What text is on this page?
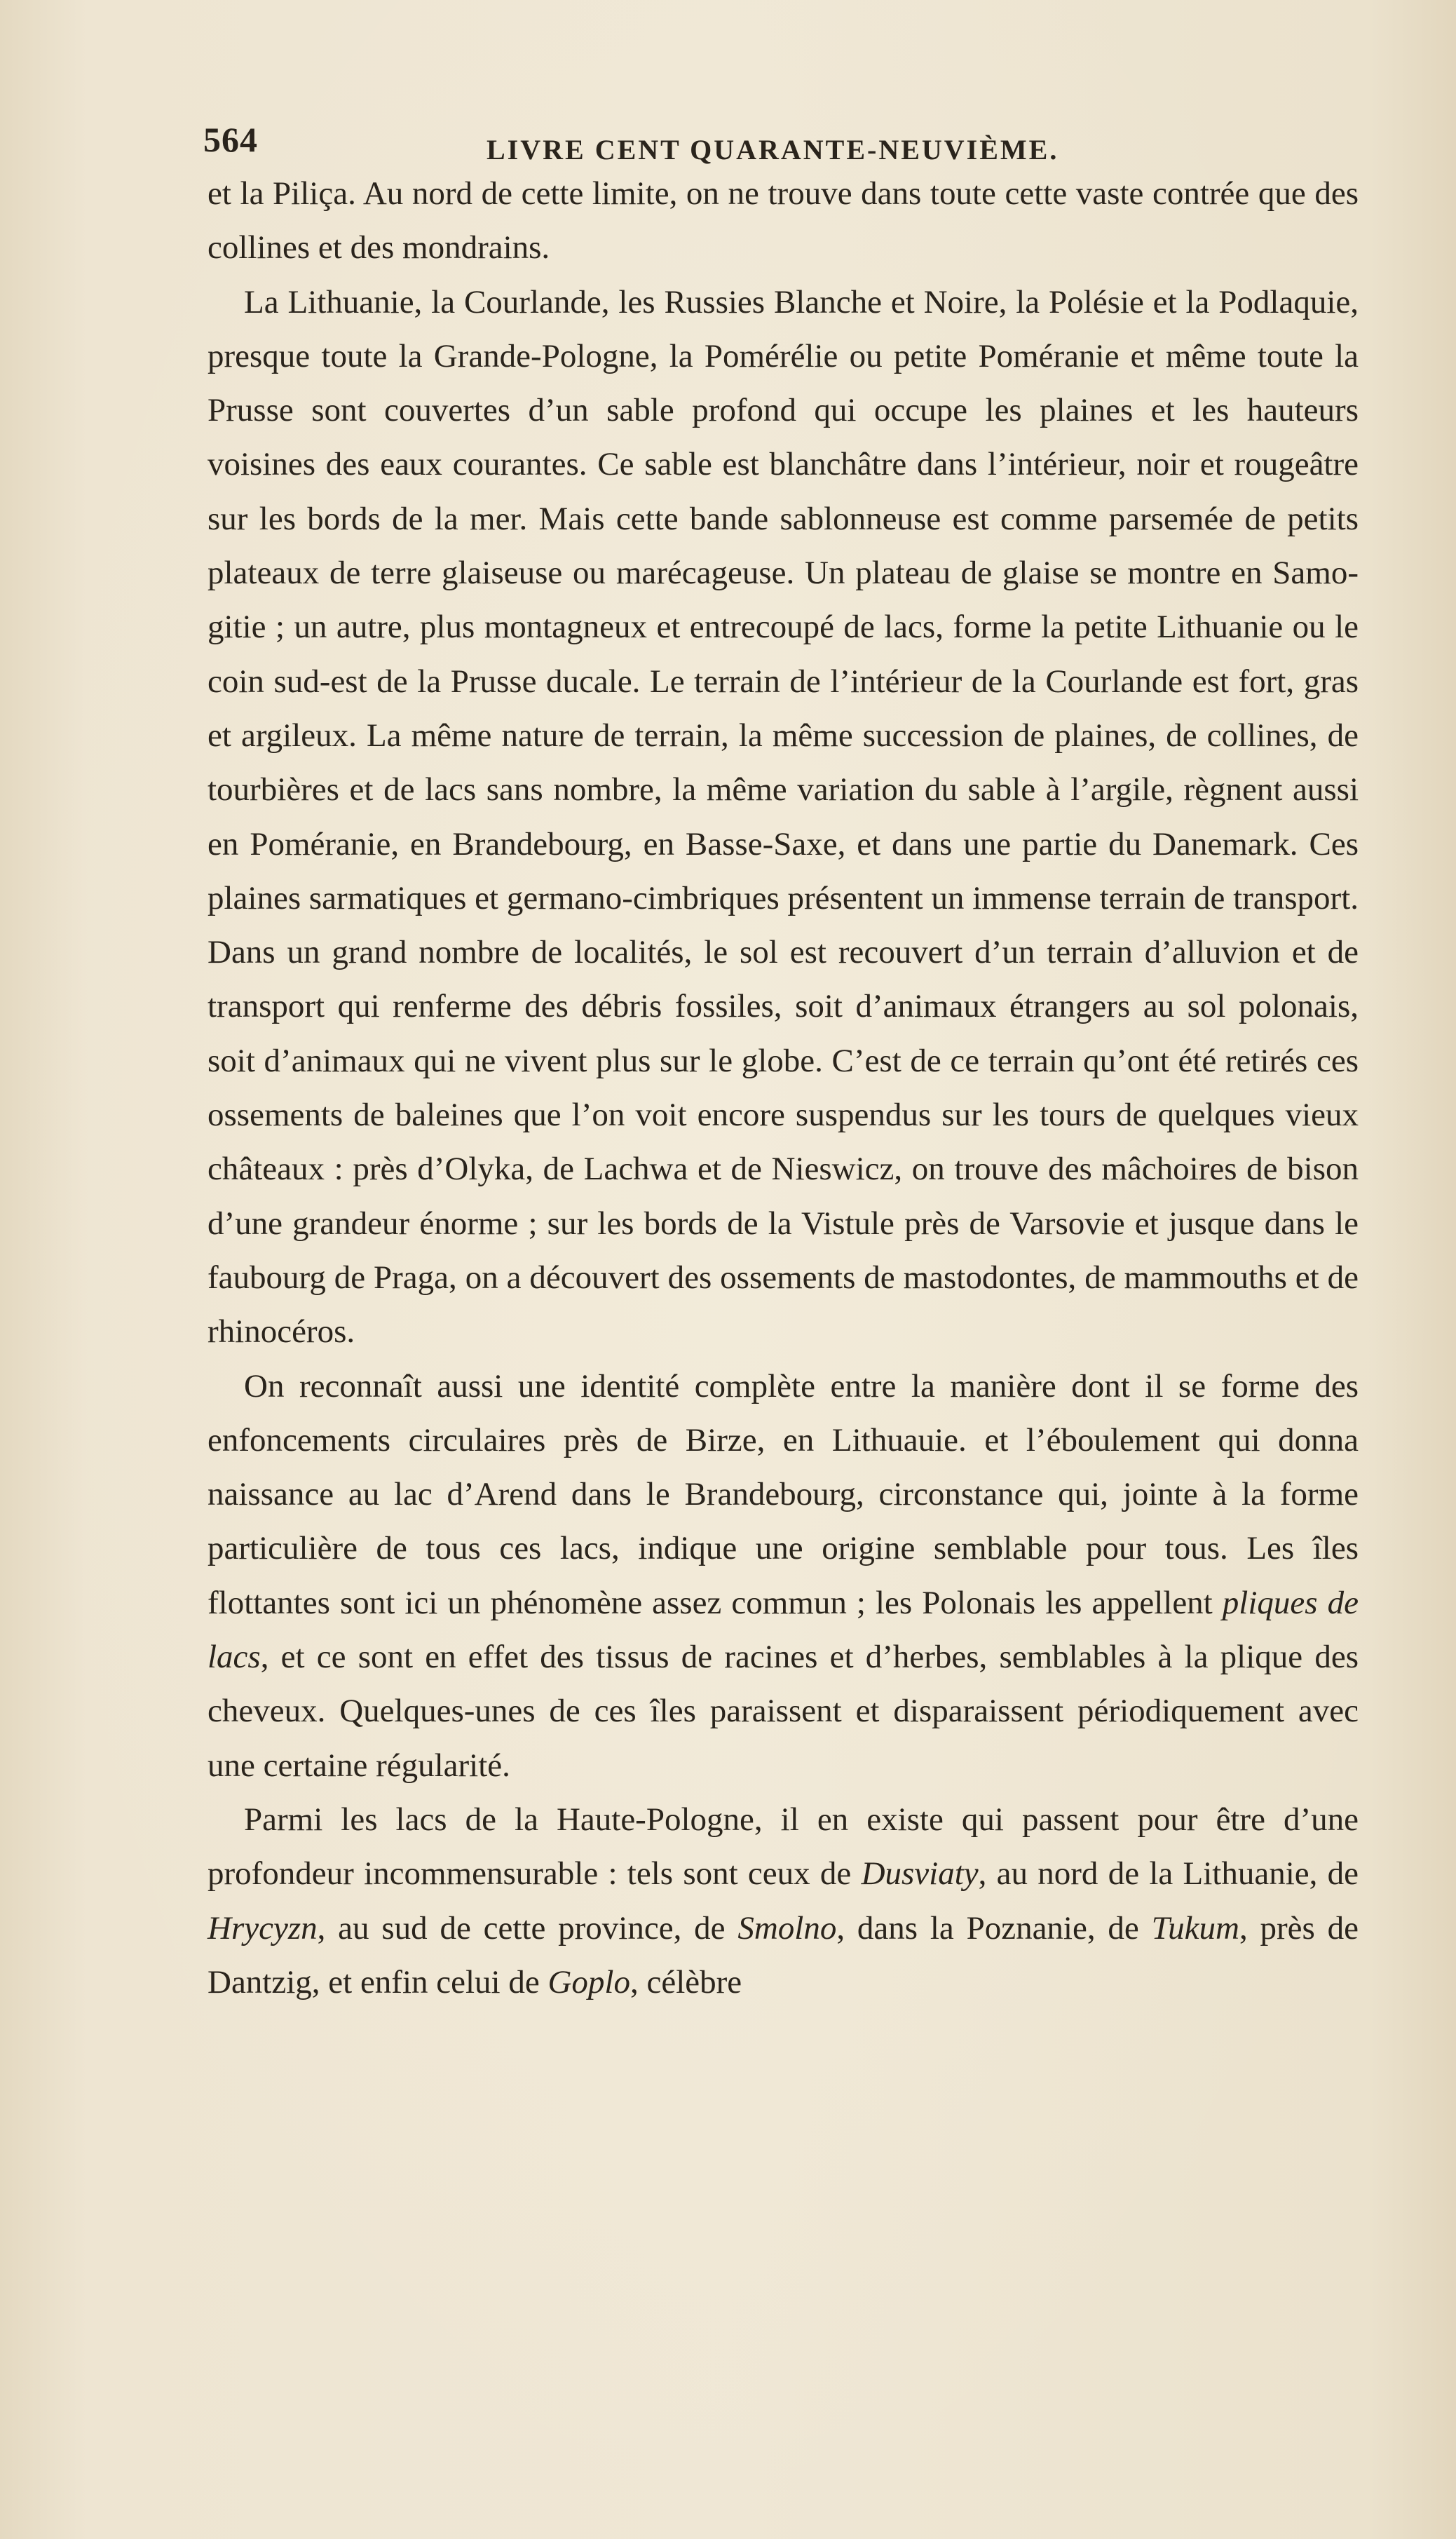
564	LIVRE CENT QUARANTE-NEUVIÈME.

et la Piliça. Au nord de cette limite, on ne trouve dans toute cette vaste contrée que des collines et des mondrains.

La Lithuanie, la Courlande, les Russies Blanche et Noire, la Polésie et la Podlaquie, presque toute la Grande-Pologne, la Pomérélie ou petite Poméranie et même toute la Prusse sont couvertes d’un sable profond qui occupe les plaines et les hauteurs voisines des eaux courantes. Ce sable est blanchâtre dans l’intérieur, noir et rougeâtre sur les bords de la mer. Mais cette bande sablonneuse est comme parsemée de petits plateaux de terre glaiseuse ou marécageuse. Un plateau de glaise se montre en Samogitie ; un autre, plus montagneux et entrecoupé de lacs, forme la petite Lithuanie ou le coin sud-est de la Prusse ducale. Le terrain de l’intérieur de la Courlande est fort, gras et argileux. La même nature de terrain, la même succession de plaines, de collines, de tourbières et de lacs sans nombre, la même variation du sable à l’argile, règnent aussi en Poméranie, en Brandebourg, en Basse-Saxe, et dans une partie du Danemark. Ces plaines sarmatiques et germano-cimbriques présentent un immense terrain de transport. Dans un grand nombre de localités, le sol est recouvert d’un terrain d’alluvion et de transport qui renferme des débris fossiles, soit d’animaux étrangers au sol polonais, soit d’animaux qui ne vivent plus sur le globe. C’est de ce terrain qu’ont été retirés ces ossements de baleines que l’on voit encore suspendus sur les tours de quelques vieux châteaux : près d’Olyka, de Lachwa et de Nieswicz, on trouve des mâchoires de bison d’une grandeur énorme ; sur les bords de la Vistule près de Varsovie et jusque dans le faubourg de Praga, on a découvert des ossements de mastodontes, de mammouths et de rhinocéros.

On reconnaît aussi une identité complète entre la manière dont il se forme des enfoncements circulaires près de Birze, en Lithuauie. et l’éboulement qui donna naissance au lac d’Arend dans le Brandebourg, circonstance qui, jointe à la forme particulière de tous ces lacs, indique une origine semblable pour tous. Les îles flottantes sont ici un phénomène assez commun ; les Polonais les appellent pliques de lacs, et ce sont en effet des tissus de racines et d’herbes, semblables à la plique des cheveux. Quelques-unes de ces îles paraissent et disparaissent périodiquement avec une certaine régularité.

Parmi les lacs de la Haute-Pologne, il en existe qui passent pour être d’une profondeur incommensurable : tels sont ceux de Dusviaty, au nord de la Lithuanie, de Hrycyzn, au sud de cette province, de Smolno, dans la Poznanie, de Tukum, près de Dantzig, et enfin celui de Goplo, célèbre
